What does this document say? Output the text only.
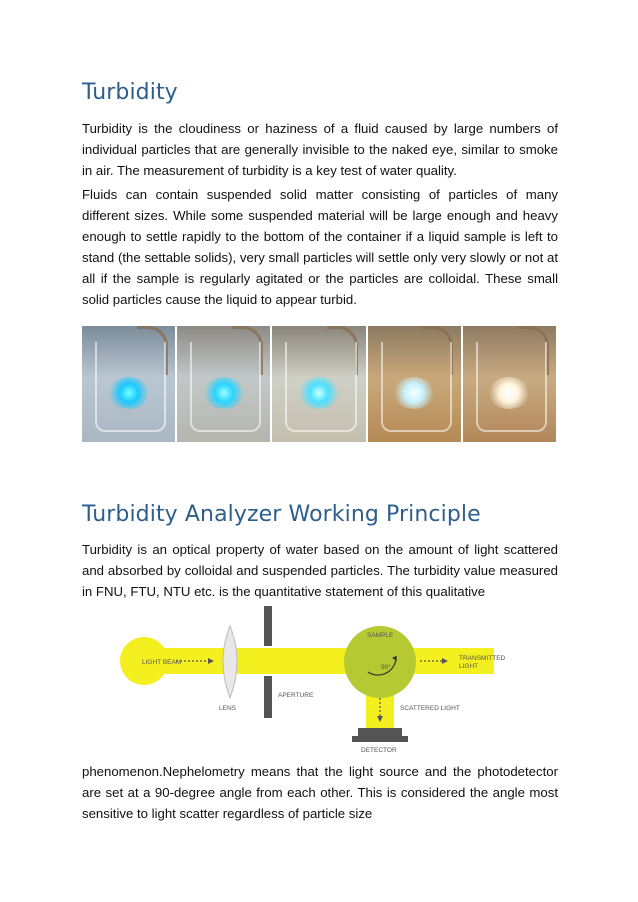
Turbidity

Turbidity is the cloudiness or haziness of a fluid caused by large numbers of individual particles that are generally invisible to the naked eye, similar to smoke in air. The measurement of turbidity is a key test of water quality.

Fluids can contain suspended solid matter consisting of particles of many different sizes. While some suspended material will be large enough and heavy enough to settle rapidly to the bottom of the container if a liquid sample is left to stand (the settable solids), very small particles will settle only very slowly or not at all if the sample is regularly agitated or the particles are colloidal. These small solid particles cause the liquid to appear turbid.

Turbidity Analyzer Working Principle

Turbidity is an optical property of water based on the amount of light scattered and absorbed by colloidal and suspended particles. The turbidity value measured in FNU, FTU, NTU etc. is the quantitative statement of this qualitative

LIGHT BEAM
LENS
APERTURE
SAMPLE
90°
TRANSMITTED
LIGHT
SCATTERED LIGHT
DETECTOR

phenomenon.Nephelometry means that the light source and the photodetector are set at a 90-degree angle from each other. This is considered the angle most sensitive to light scatter regardless of particle size
